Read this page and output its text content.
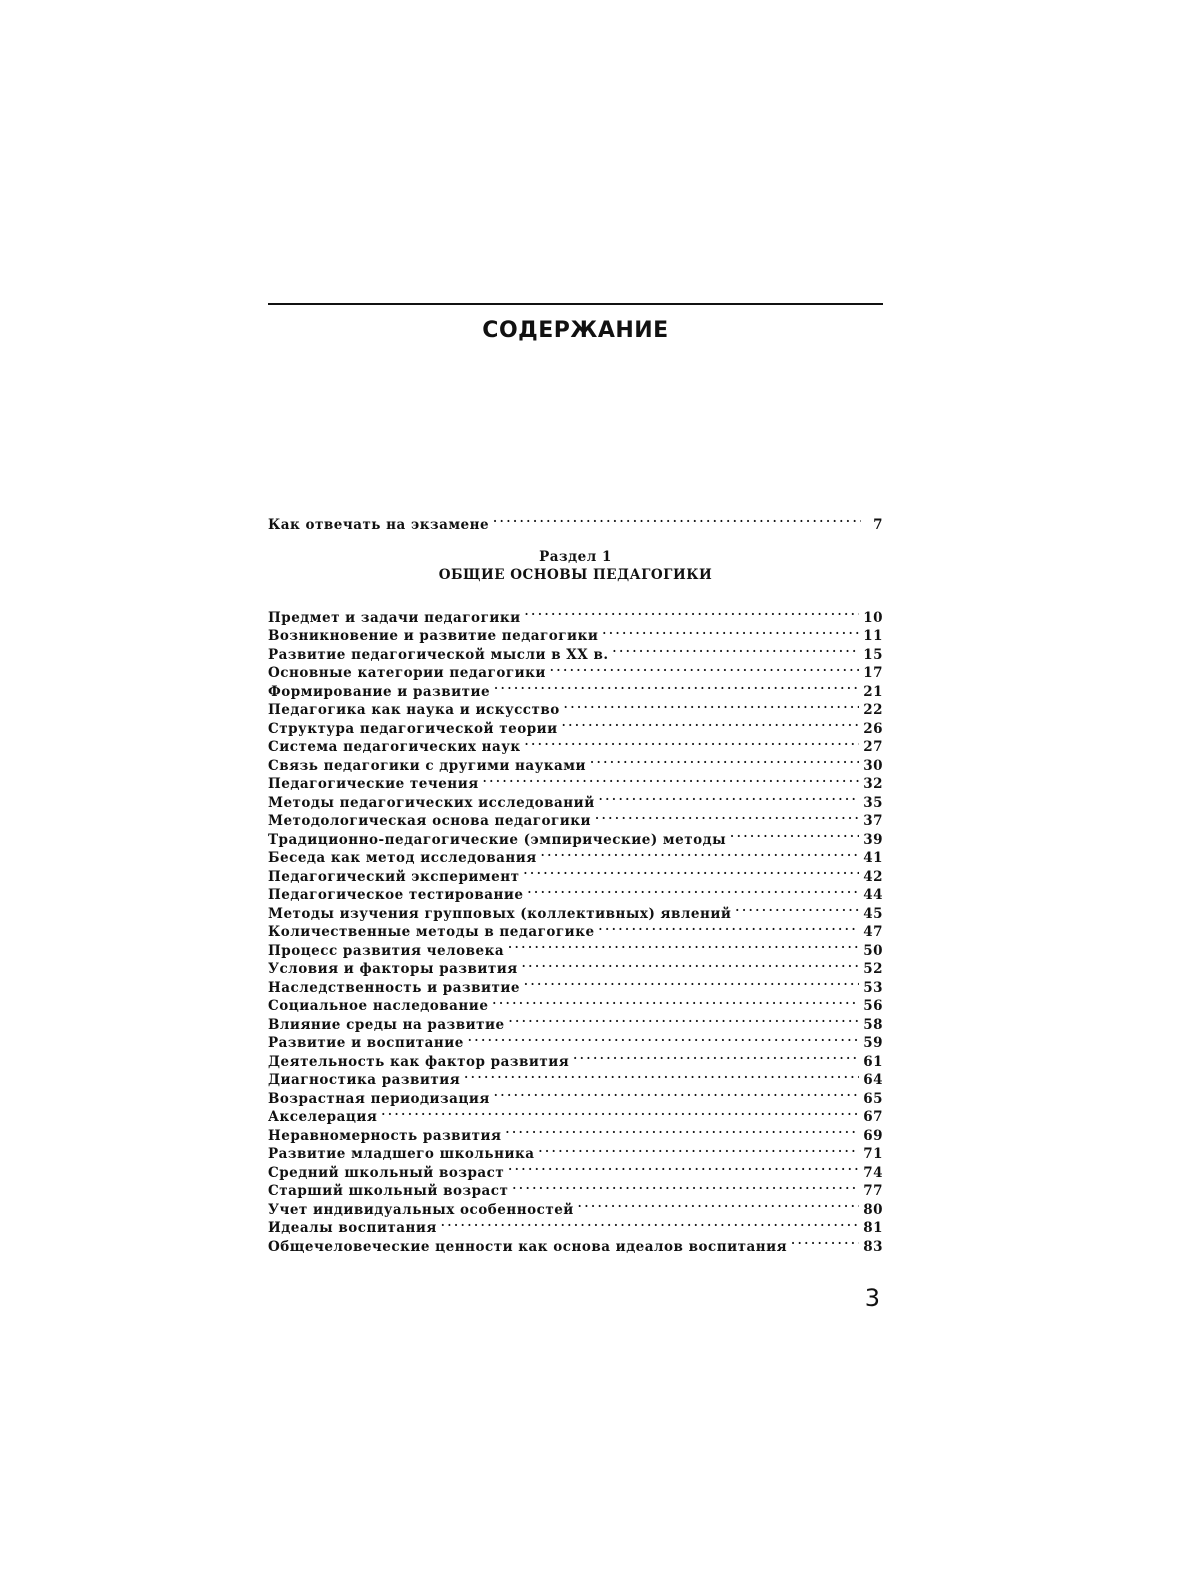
СОДЕРЖАНИЕ
Как отвечать на экзамене . . .	7
Раздел 1
ОБЩИЕ ОСНОВЫ ПЕДАГОГИКИ
Предмет и задачи педагогики . . .	10
Возникновение и развитие педагогики . . .	11
Развитие педагогической мысли в XX в. . . .	15
Основные категории педагогики . . .	17
Формирование и развитие . . .	21
Педагогика как наука и искусство . . .	22
Структура педагогической теории . . .	26
Система педагогических наук . . .	27
Связь педагогики с другими науками . . .	30
Педагогические течения . . .	32
Методы педагогических исследований . . .	35
Методологическая основа педагогики . . .	37
Традиционно-педагогические (эмпирические) методы . . .	39
Беседа как метод исследования . . .	41
Педагогический эксперимент . . .	42
Педагогическое тестирование . . .	44
Методы изучения групповых (коллективных) явлений . . .	45
Количественные методы в педагогике . . .	47
Процесс развития человека . . .	50
Условия и факторы развития . . .	52
Наследственность и развитие . . .	53
Социальное наследование . . .	56
Влияние среды на развитие . . .	58
Развитие и воспитание . . .	59
Деятельность как фактор развития . . .	61
Диагностика развития . . .	64
Возрастная периодизация . . .	65
Акселерация . . .	67
Неравномерность развития . . .	69
Развитие младшего школьника . . .	71
Средний школьный возраст . . .	74
Старший школьный возраст . . .	77
Учет индивидуальных особенностей . . .	80
Идеалы воспитания . . .	81
Общечеловеческие ценности как основа идеалов воспитания . . .	83
3
